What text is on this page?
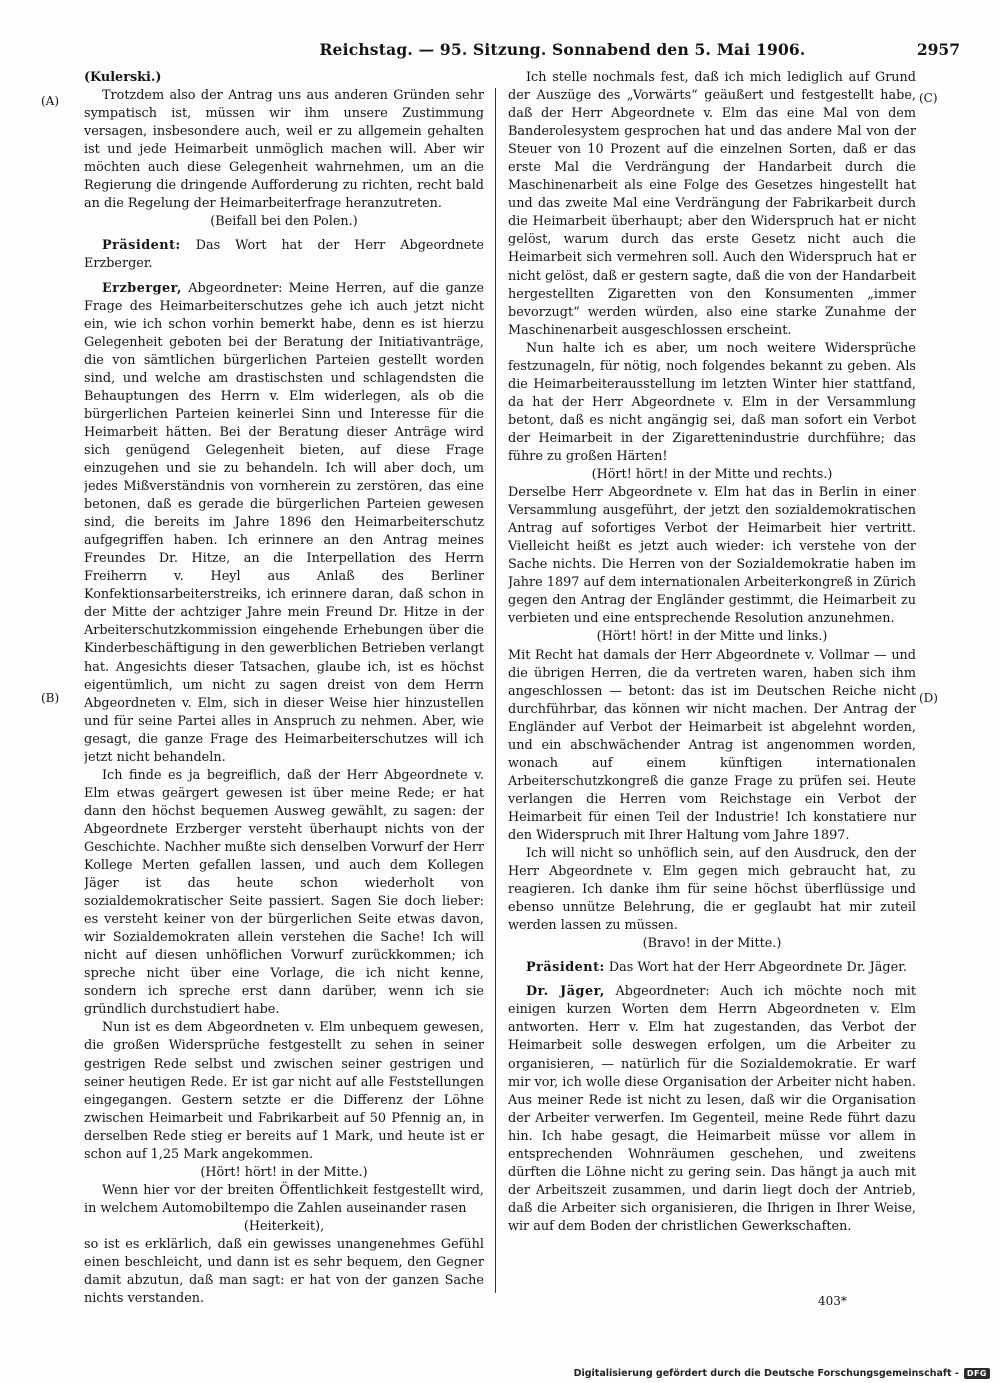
Reichstag. — 95. Sitzung. Sonnabend den 5. Mai 1906.	2957
(A)
(B)
(C)
(D)

(Kulerski.)

Trotzdem also der Antrag uns aus anderen Gründen sehr sympatisch ist, müssen wir ihm unsere Zustimmung versagen, insbesondere auch, weil er zu allgemein gehalten ist und jede Heimarbeit unmöglich machen will. Aber wir möchten auch diese Gelegenheit wahrnehmen, um an die Regierung die dringende Aufforderung zu richten, recht bald an die Regelung der Heimarbeiterfrage heranzutreten.

(Beifall bei den Polen.)

Präsident: Das Wort hat der Herr Abgeordnete Erzberger.

Erzberger, Abgeordneter: Meine Herren, auf die ganze Frage des Heimarbeiterschutzes gehe ich auch jetzt nicht ein, wie ich schon vorhin bemerkt habe, denn es ist hierzu Gelegenheit geboten bei der Beratung der Initiativanträge, die von sämtlichen bürgerlichen Parteien gestellt worden sind, und welche am drastischsten und schlagendsten die Behauptungen des Herrn v. Elm widerlegen, als ob die bürgerlichen Parteien keinerlei Sinn und Interesse für die Heimarbeit hätten. Bei der Beratung dieser Anträge wird sich genügend Gelegenheit bieten, auf diese Frage einzugehen und sie zu behandeln. Ich will aber doch, um jedes Mißverständnis von vornherein zu zerstören, das eine betonen, daß es gerade die bürgerlichen Parteien gewesen sind, die bereits im Jahre 1896 den Heimarbeiterschutz aufgegriffen haben. Ich erinnere an den Antrag meines Freundes Dr. Hitze, an die Interpellation des Herrn Freiherrn v. Heyl aus Anlaß des Berliner Konfektionsarbeiterstreiks, ich erinnere daran, daß schon in der Mitte der achtziger Jahre mein Freund Dr. Hitze in der Arbeiterschutzkommission eingehende Erhebungen über die Kinderbeschäftigung in den gewerblichen Betrieben verlangt hat. Angesichts dieser Tatsachen, glaube ich, ist es höchst eigentümlich, um nicht zu sagen dreist von dem Herrn Abgeordneten v. Elm, sich in dieser Weise hier hinzustellen und für seine Partei alles in Anspruch zu nehmen. Aber, wie gesagt, die ganze Frage des Heimarbeiterschutzes will ich jetzt nicht behandeln.

Ich finde es ja begreiflich, daß der Herr Abgeordnete v. Elm etwas geärgert gewesen ist über meine Rede; er hat dann den höchst bequemen Ausweg gewählt, zu sagen: der Abgeordnete Erzberger versteht überhaupt nichts von der Geschichte. Nachher mußte sich denselben Vorwurf der Herr Kollege Merten gefallen lassen, und auch dem Kollegen Jäger ist das heute schon wiederholt von sozialdemokratischer Seite passiert. Sagen Sie doch lieber: es versteht keiner von der bürgerlichen Seite etwas davon, wir Sozialdemokraten allein verstehen die Sache! Ich will nicht auf diesen unhöflichen Vorwurf zurückkommen; ich spreche nicht über eine Vorlage, die ich nicht kenne, sondern ich spreche erst dann darüber, wenn ich sie gründlich durchstudiert habe.

Nun ist es dem Abgeordneten v. Elm unbequem gewesen, die großen Widersprüche festgestellt zu sehen in seiner gestrigen Rede selbst und zwischen seiner gestrigen und seiner heutigen Rede. Er ist gar nicht auf alle Feststellungen eingegangen. Gestern setzte er die Differenz der Löhne zwischen Heimarbeit und Fabrikarbeit auf 50 Pfennig an, in derselben Rede stieg er bereits auf 1 Mark, und heute ist er schon auf 1,25 Mark angekommen.

(Hört! hört! in der Mitte.)

Wenn hier vor der breiten Öffentlichkeit festgestellt wird, in welchem Automobiltempo die Zahlen auseinander rasen

(Heiterkeit),

so ist es erklärlich, daß ein gewisses unangenehmes Gefühl einen beschleicht, und dann ist es sehr bequem, den Gegner damit abzutun, daß man sagt: er hat von der ganzen Sache nichts verstanden.

Ich stelle nochmals fest, daß ich mich lediglich auf Grund der Auszüge des „Vorwärts“ geäußert und festgestellt habe, daß der Herr Abgeordnete v. Elm das eine Mal von dem Banderolesystem gesprochen hat und das andere Mal von der Steuer von 10 Prozent auf die einzelnen Sorten, daß er das erste Mal die Verdrängung der Handarbeit durch die Maschinenarbeit als eine Folge des Gesetzes hingestellt hat und das zweite Mal eine Verdrängung der Fabrikarbeit durch die Heimarbeit überhaupt; aber den Widerspruch hat er nicht gelöst, warum durch das erste Gesetz nicht auch die Heimarbeit sich vermehren soll. Auch den Widerspruch hat er nicht gelöst, daß er gestern sagte, daß die von der Handarbeit hergestellten Zigaretten von den Konsumenten „immer bevorzugt“ werden würden, also eine starke Zunahme der Maschinenarbeit ausgeschlossen erscheint.

Nun halte ich es aber, um noch weitere Widersprüche festzunageln, für nötig, noch folgendes bekannt zu geben. Als die Heimarbeiterausstellung im letzten Winter hier stattfand, da hat der Herr Abgeordnete v. Elm in der Versammlung betont, daß es nicht angängig sei, daß man sofort ein Verbot der Heimarbeit in der Zigarettenindustrie durchführe; das führe zu großen Härten!

(Hört! hört! in der Mitte und rechts.)

Derselbe Herr Abgeordnete v. Elm hat das in Berlin in einer Versammlung ausgeführt, der jetzt den sozialdemokratischen Antrag auf sofortiges Verbot der Heimarbeit hier vertritt. Vielleicht heißt es jetzt auch wieder: ich verstehe von der Sache nichts. Die Herren von der Sozialdemokratie haben im Jahre 1897 auf dem internationalen Arbeiterkongreß in Zürich gegen den Antrag der Engländer gestimmt, die Heimarbeit zu verbieten und eine entsprechende Resolution anzunehmen.

(Hört! hört! in der Mitte und links.)

Mit Recht hat damals der Herr Abgeordnete v. Vollmar — und die übrigen Herren, die da vertreten waren, haben sich ihm angeschlossen — betont: das ist im Deutschen Reiche nicht durchführbar, das können wir nicht machen. Der Antrag der Engländer auf Verbot der Heimarbeit ist abgelehnt worden, und ein abschwächender Antrag ist angenommen worden, wonach auf einem künftigen internationalen Arbeiterschutzkongreß die ganze Frage zu prüfen sei. Heute verlangen die Herren vom Reichstage ein Verbot der Heimarbeit für einen Teil der Industrie! Ich konstatiere nur den Widerspruch mit Ihrer Haltung vom Jahre 1897.

Ich will nicht so unhöflich sein, auf den Ausdruck, den der Herr Abgeordnete v. Elm gegen mich gebraucht hat, zu reagieren. Ich danke ihm für seine höchst überflüssige und ebenso unnütze Belehrung, die er geglaubt hat mir zuteil werden lassen zu müssen.

(Bravo! in der Mitte.)

Präsident: Das Wort hat der Herr Abgeordnete Dr. Jäger.

Dr. Jäger, Abgeordneter: Auch ich möchte noch mit einigen kurzen Worten dem Herrn Abgeordneten v. Elm antworten. Herr v. Elm hat zugestanden, das Verbot der Heimarbeit solle deswegen erfolgen, um die Arbeiter zu organisieren, — natürlich für die Sozialdemokratie. Er warf mir vor, ich wolle diese Organisation der Arbeiter nicht haben. Aus meiner Rede ist nicht zu lesen, daß wir die Organisation der Arbeiter verwerfen. Im Gegenteil, meine Rede führt dazu hin. Ich habe gesagt, die Heimarbeit müsse vor allem in entsprechenden Wohnräumen geschehen, und zweitens dürften die Löhne nicht zu gering sein. Das hängt ja auch mit der Arbeitszeit zusammen, und darin liegt doch der Antrieb, daß die Arbeiter sich organisieren, die Ihrigen in Ihrer Weise, wir auf dem Boden der christlichen Gewerkschaften.

403*
Digitalisierung gefördert durch die Deutsche Forschungsgemeinschaft -	DFG
